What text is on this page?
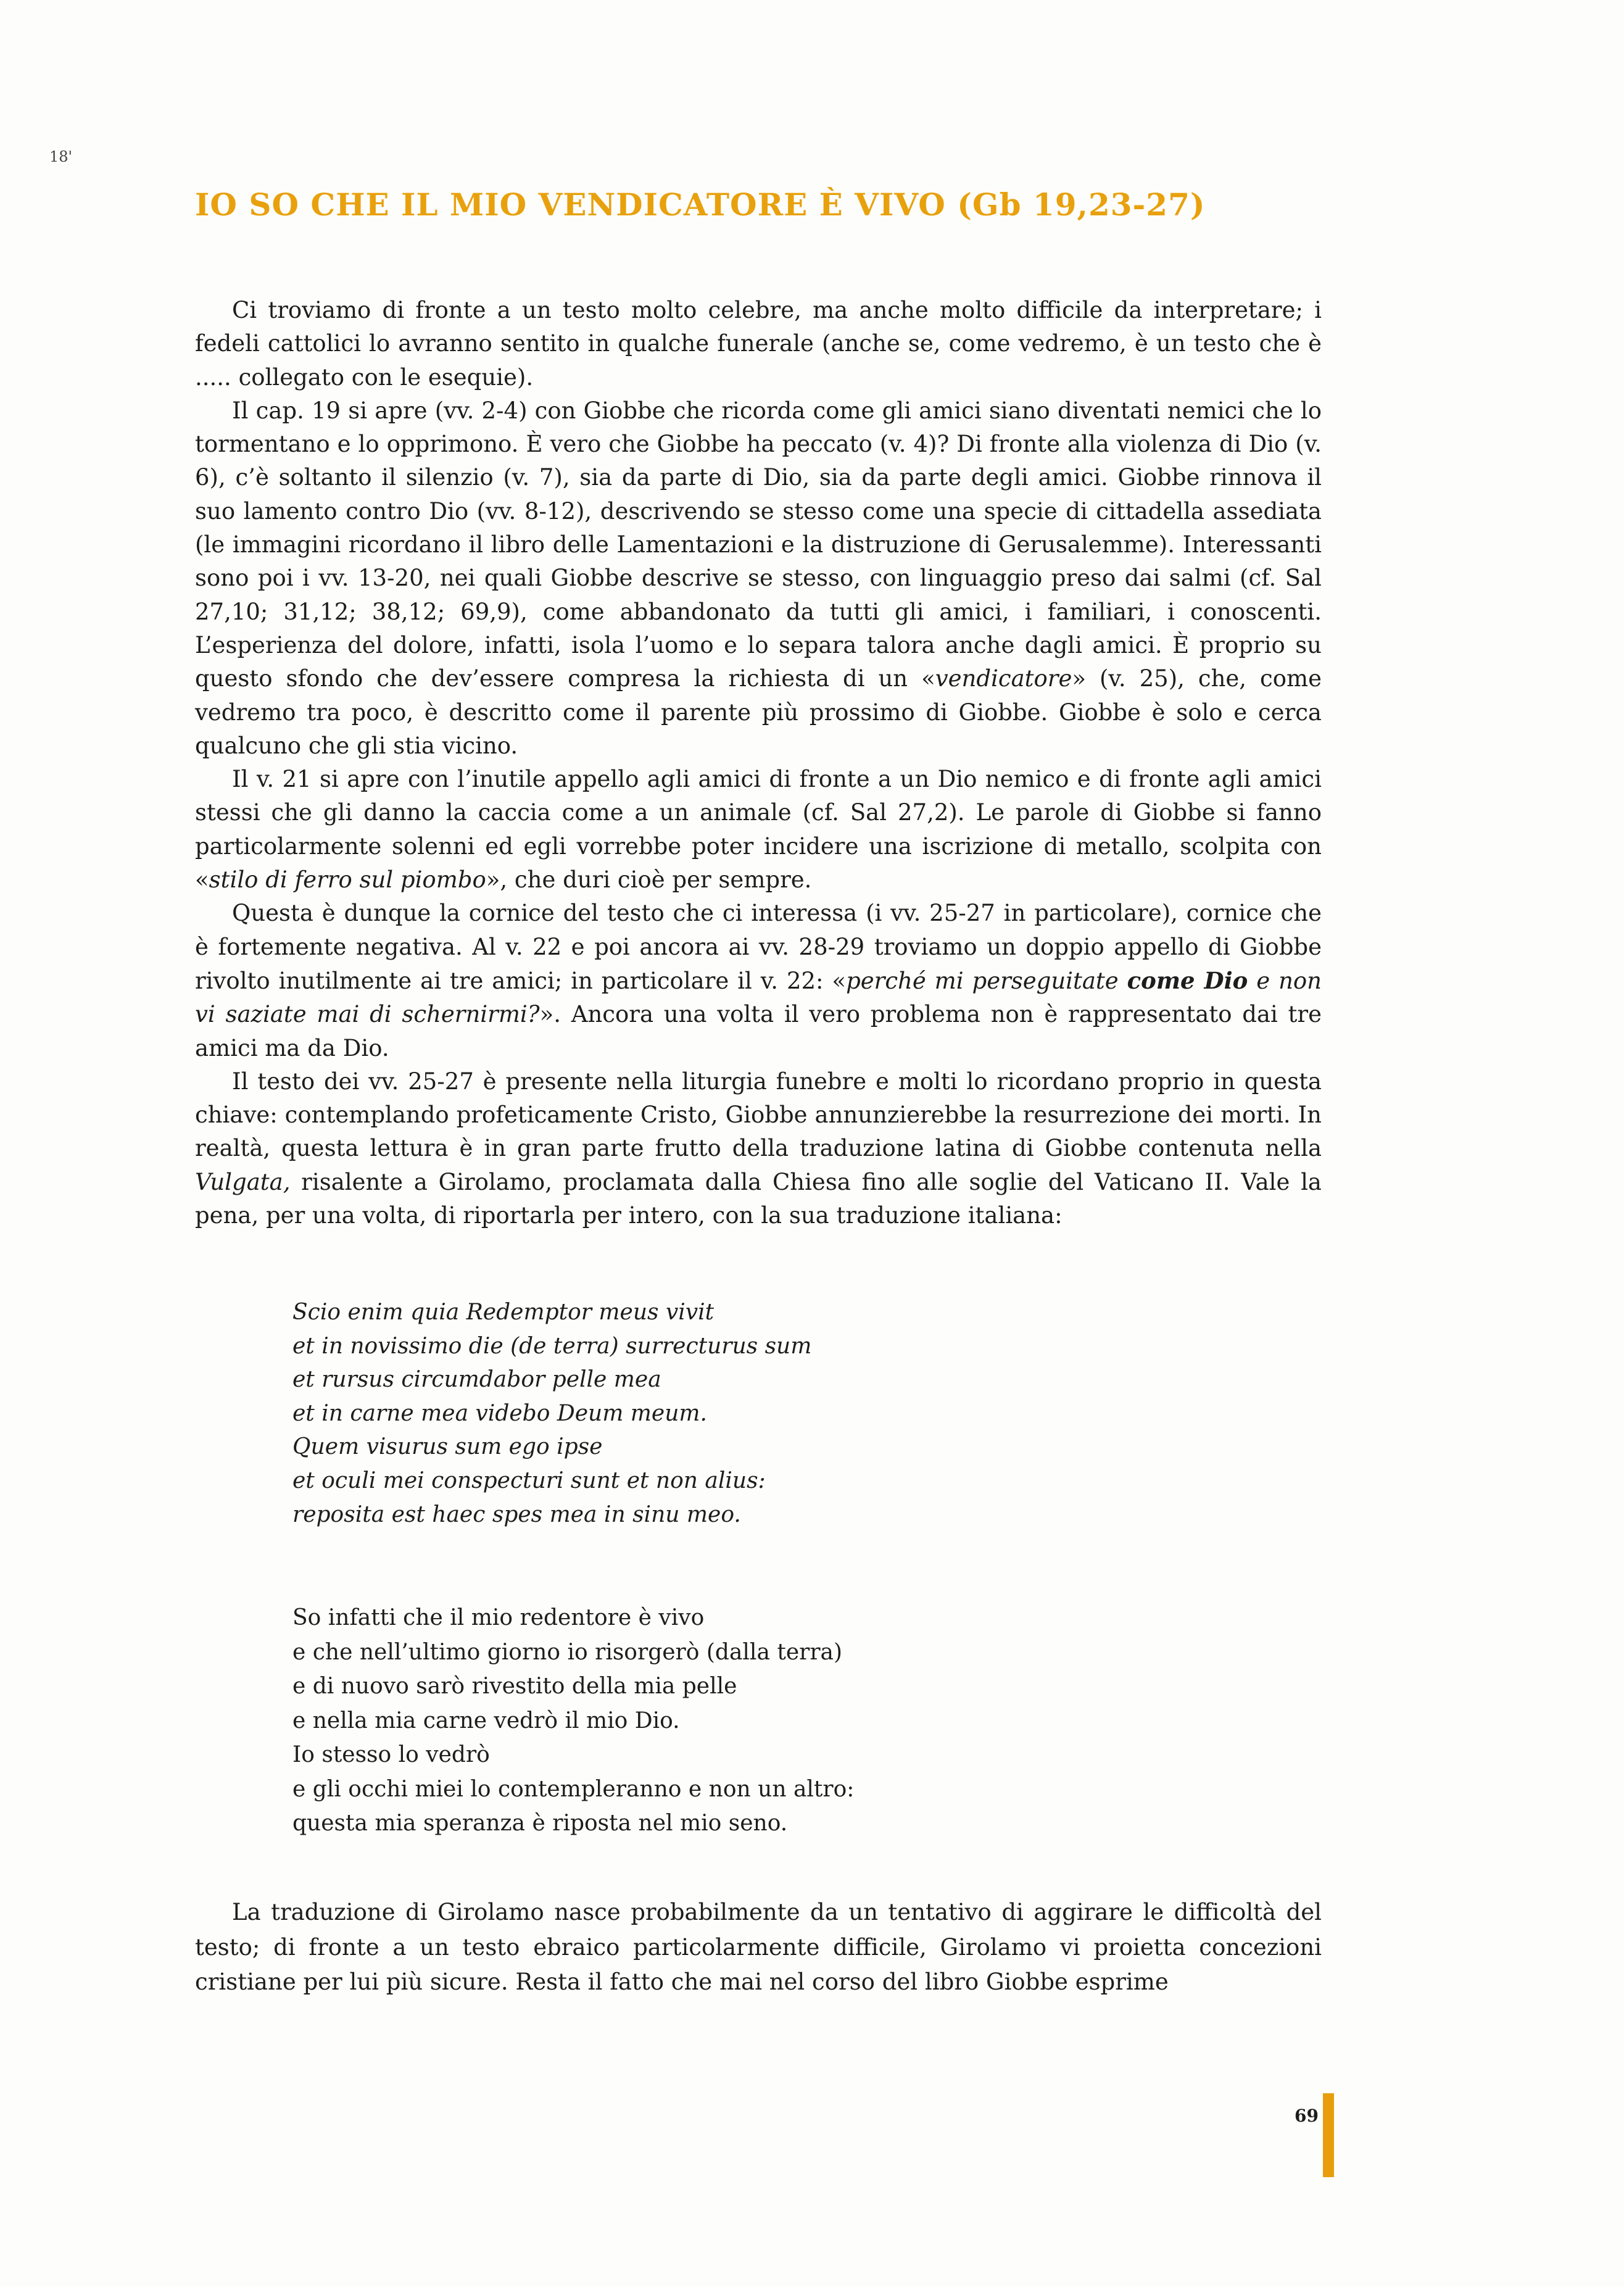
18'
IO SO CHE IL MIO VENDICATORE È VIVO (Gb 19,23-27)

Ci troviamo di fronte a un testo molto celebre, ma anche molto difficile da interpretare; i fedeli cattolici lo avranno sentito in qualche funerale (anche se, come vedremo, è un testo che è ..... collegato con le esequie).

Il cap. 19 si apre (vv. 2-4) con Giobbe che ricorda come gli amici siano diventati nemici che lo tormentano e lo opprimono. È vero che Giobbe ha peccato (v. 4)? Di fronte alla violenza di Dio (v. 6), c’è soltanto il silenzio (v. 7), sia da parte di Dio, sia da parte degli amici. Giobbe rinnova il suo lamento contro Dio (vv. 8-12), descrivendo se stesso come una specie di cittadella assediata (le immagini ricordano il libro delle Lamentazioni e la distruzione di Gerusalemme). Interessanti sono poi i vv. 13-20, nei quali Giobbe descrive se stesso, con linguaggio preso dai salmi (cf. Sal 27,10; 31,12; 38,12; 69,9), come abbandonato da tutti gli amici, i familiari, i conoscenti. L’esperienza del dolore, infatti, isola l’uomo e lo separa talora anche dagli amici. È proprio su questo sfondo che dev’essere compresa la richiesta di un «vendicatore» (v. 25), che, come vedremo tra poco, è descritto come il parente più prossimo di Giobbe. Giobbe è solo e cerca qualcuno che gli stia vicino.

Il v. 21 si apre con l’inutile appello agli amici di fronte a un Dio nemico e di fronte agli amici stessi che gli danno la caccia come a un animale (cf. Sal 27,2). Le parole di Giobbe si fanno particolarmente solenni ed egli vorrebbe poter incidere una iscrizione di metallo, scolpita con «stilo di ferro sul piombo», che duri cioè per sempre.

Questa è dunque la cornice del testo che ci interessa (i vv. 25-27 in particolare), cornice che è fortemente negativa. Al v. 22 e poi ancora ai vv. 28-29 troviamo un doppio appello di Giobbe rivolto inutilmente ai tre amici; in particolare il v. 22: «perché mi perseguitate come Dio e non vi saziate mai di schernirmi?». Ancora una volta il vero problema non è rappresentato dai tre amici ma da Dio.

Il testo dei vv. 25-27 è presente nella liturgia funebre e molti lo ricordano proprio in questa chiave: contemplando profeticamente Cristo, Giobbe annunzierebbe la resurrezione dei morti. In realtà, questa lettura è in gran parte frutto della traduzione latina di Giobbe contenuta nella Vulgata, risalente a Girolamo, proclamata dalla Chiesa fino alle soglie del Vaticano II. Vale la pena, per una volta, di riportarla per intero, con la sua traduzione italiana:

Scio enim quia Redemptor meus vivit
et in novissimo die (de terra) surrecturus sum
et rursus circumdabor pelle mea
et in carne mea videbo Deum meum.
Quem visurus sum ego ipse
et oculi mei conspecturi sunt et non alius:
reposita est haec spes mea in sinu meo.
So infatti che il mio redentore è vivo
e che nell’ultimo giorno io risorgerò (dalla terra)
e di nuovo sarò rivestito della mia pelle
e nella mia carne vedrò il mio Dio.
Io stesso lo vedrò
e gli occhi miei lo contempleranno e non un altro:
questa mia speranza è riposta nel mio seno.

La traduzione di Girolamo nasce probabilmente da un tentativo di aggirare le difficoltà del testo; di fronte a un testo ebraico particolarmente difficile, Girolamo vi proietta concezioni cristiane per lui più sicure. Resta il fatto che mai nel corso del libro Giobbe esprime

69
